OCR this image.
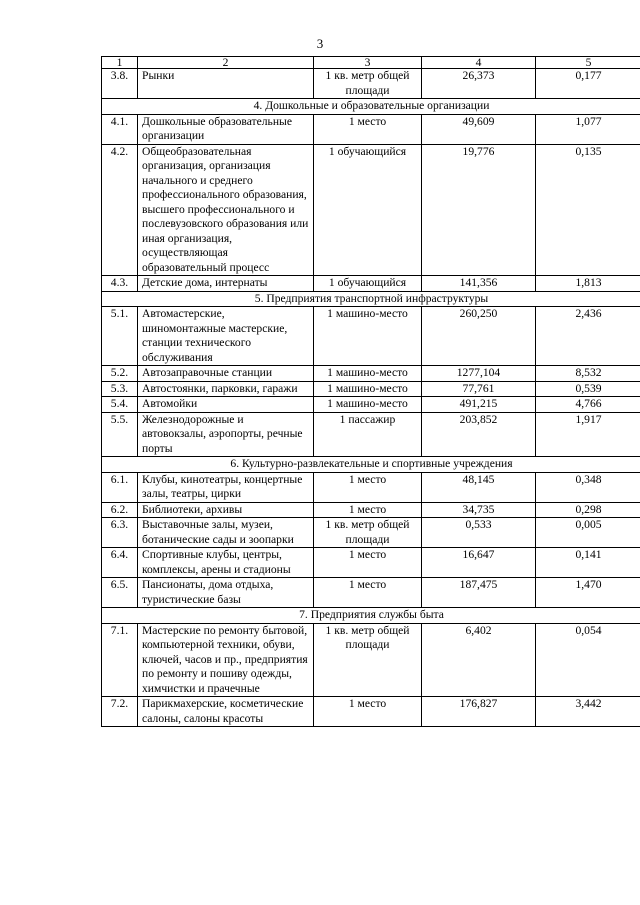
3
1	2	3	4	5
3.8.	Рынки	1 кв. метр общей площади	26,373	0,177
4. Дошкольные и образовательные организации				
4.1.	Дошкольные образовательные организации	1 место	49,609	1,077
4.2.	Общеобразовательная организация, организация начального и среднего профессионального образования, высшего профессионального и послевузовского образования или иная организация, осуществляющая образовательный процесс	1 обучающийся	19,776	0,135
4.3.	Детские дома, интернаты	1 обучающийся	141,356	1,813
5. Предприятия транспортной инфраструктуры				
5.1.	Автомастерские, шиномонтажные мастерские, станции технического обслуживания	1 машино-место	260,250	2,436
5.2.	Автозаправочные станции	1 машино-место	1277,104	8,532
5.3.	Автостоянки, парковки, гаражи	1 машино-место	77,761	0,539
5.4.	Автомойки	1 машино-место	491,215	4,766
5.5.	Железнодорожные и автовокзалы, аэропорты, речные порты	1 пассажир	203,852	1,917
6. Культурно-развлекательные и спортивные учреждения				
6.1.	Клубы, кинотеатры, концертные залы, театры, цирки	1 место	48,145	0,348
6.2.	Библиотеки, архивы	1 место	34,735	0,298
6.3.	Выставочные залы, музеи, ботанические сады и зоопарки	1 кв. метр общей площади	0,533	0,005
6.4.	Спортивные клубы, центры, комплексы, арены и стадионы	1 место	16,647	0,141
6.5.	Пансионаты, дома отдыха, туристические базы	1 место	187,475	1,470
7. Предприятия службы быта				
7.1.	Мастерские по ремонту бытовой, компьютерной техники, обуви, ключей, часов и пр., предприятия по ремонту и пошиву одежды, химчистки и прачечные	1 кв. метр общей площади	6,402	0,054
7.2.	Парикмахерские, косметические салоны, салоны красоты	1 место	176,827	3,442
